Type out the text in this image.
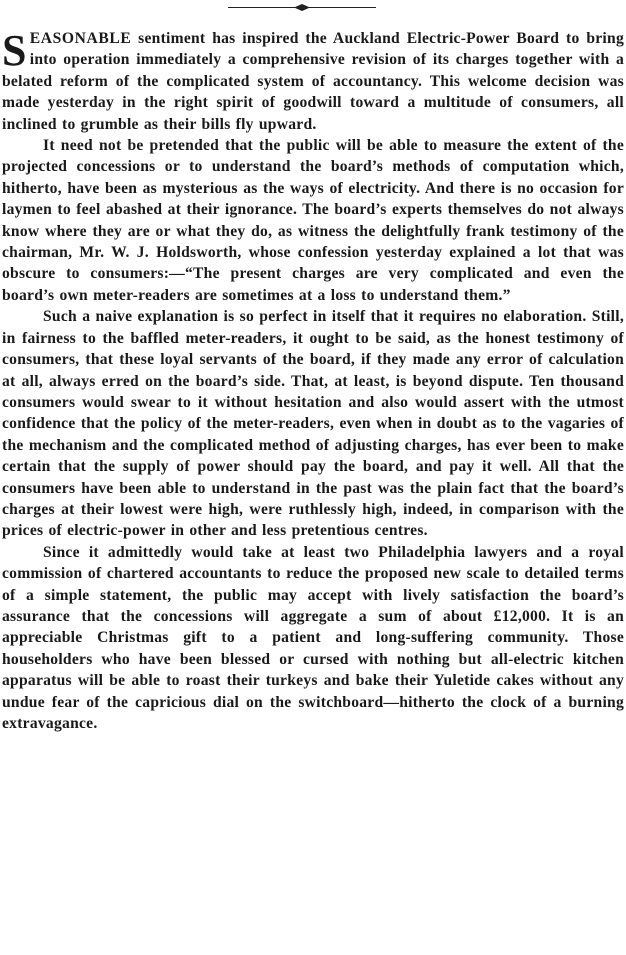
SEASONABLE sentiment has inspired the Auckland Electric-Power Board to bring into operation immediately a comprehensive revision of its charges together with a belated reform of the complicated system of accountancy. This welcome decision was made yesterday in the right spirit of goodwill toward a multitude of consumers, all inclined to grumble as their bills fly upward.

It need not be pretended that the public will be able to measure the extent of the projected concessions or to understand the board’s methods of computation which, hitherto, have been as mysterious as the ways of electricity. And there is no occasion for laymen to feel abashed at their ignorance. The board’s experts themselves do not always know where they are or what they do, as witness the delightfully frank testimony of the chairman, Mr. W. J. Holdsworth, whose confession yesterday explained a lot that was obscure to consumers:—“The present charges are very complicated and even the board’s own meter-readers are sometimes at a loss to understand them.”

Such a naive explanation is so perfect in itself that it requires no elaboration. Still, in fairness to the baffled meter-readers, it ought to be said, as the honest testimony of consumers, that these loyal servants of the board, if they made any error of calculation at all, always erred on the board’s side. That, at least, is beyond dispute. Ten thousand consumers would swear to it without hesitation and also would assert with the utmost confidence that the policy of the meter-readers, even when in doubt as to the vagaries of the mechanism and the complicated method of adjusting charges, has ever been to make certain that the supply of power should pay the board, and pay it well. All that the consumers have been able to understand in the past was the plain fact that the board’s charges at their lowest were high, were ruthlessly high, indeed, in comparison with the prices of electric-power in other and less pretentious centres.

Since it admittedly would take at least two Philadelphia lawyers and a royal commission of chartered accountants to reduce the proposed new scale to detailed terms of a simple statement, the public may accept with lively satisfaction the board’s assurance that the concessions will aggregate a sum of about £12,000. It is an appreciable Christmas gift to a patient and long-suffering community. Those householders who have been blessed or cursed with nothing but all-electric kitchen apparatus will be able to roast their turkeys and bake their Yuletide cakes without any undue fear of the capricious dial on the switchboard—hitherto the clock of a burning extravagance.
